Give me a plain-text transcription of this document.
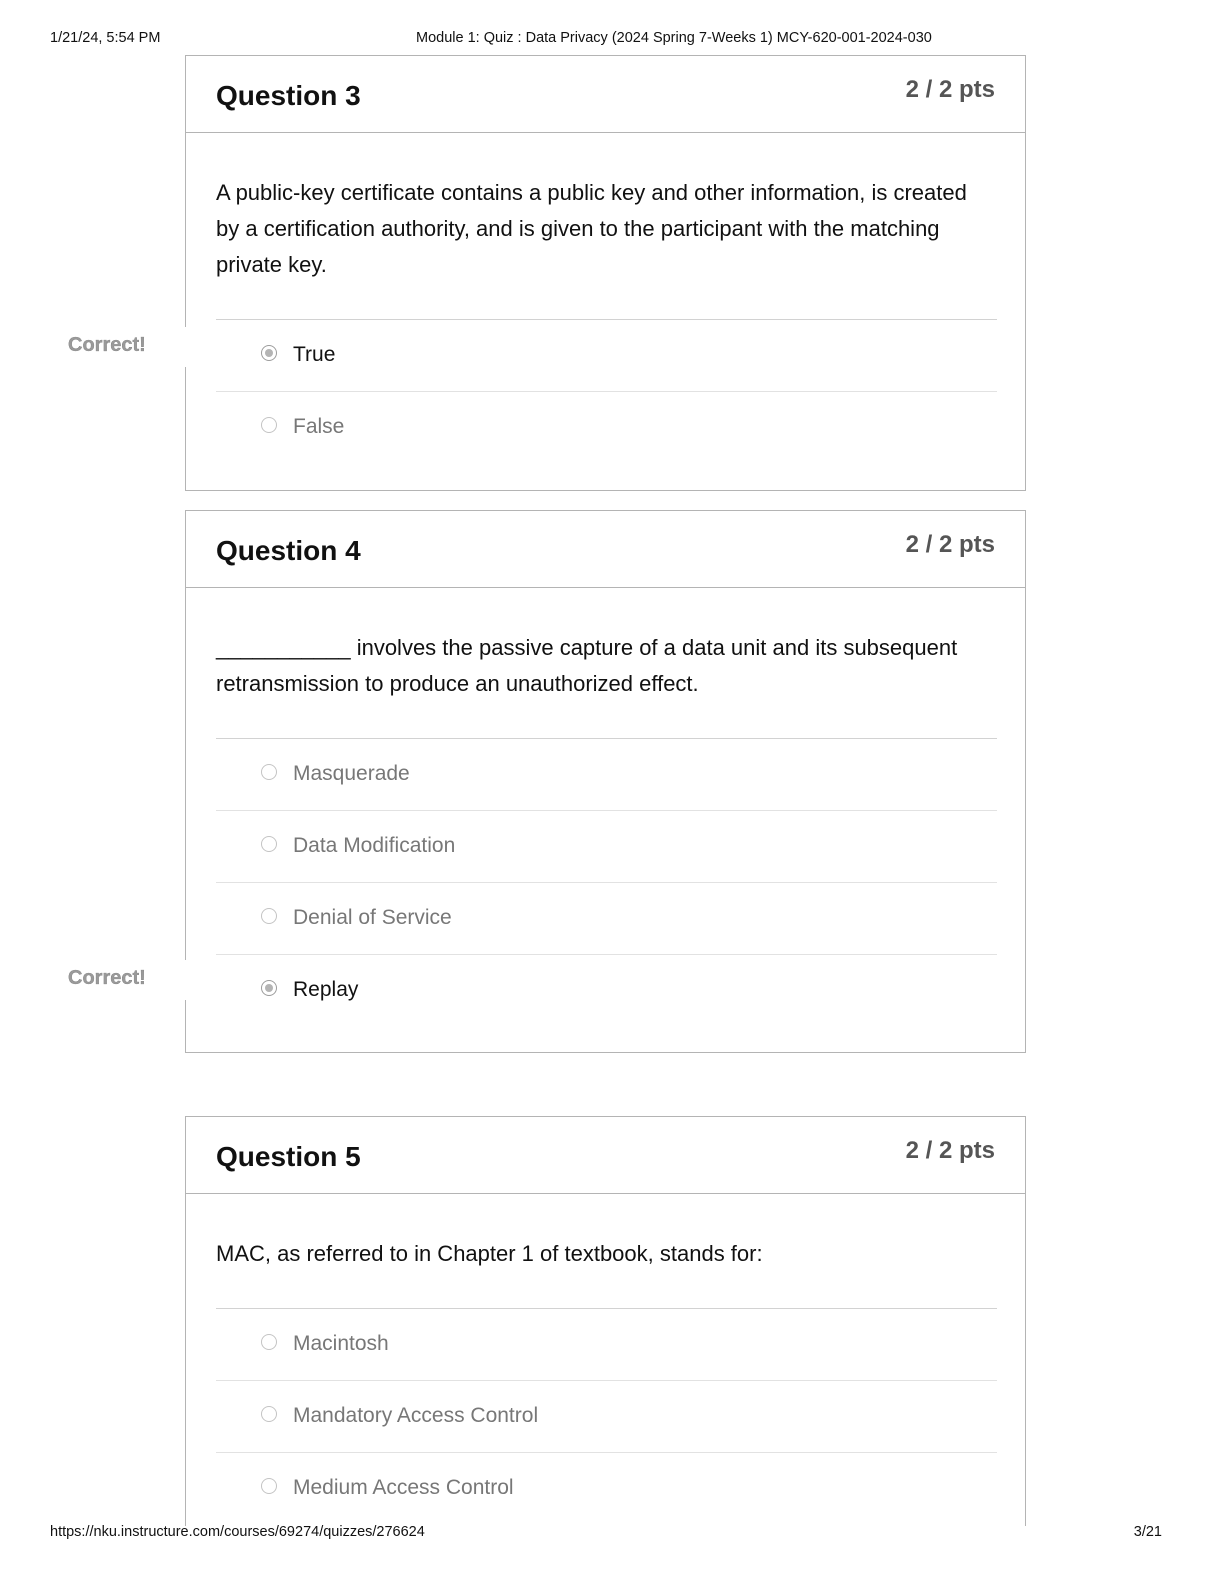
1/21/24, 5:54 PM	Module 1: Quiz : Data Privacy (2024 Spring 7-Weeks 1) MCY-620-001-2024-030
Question 3	2 / 2 pts
A public-key certificate contains a public key and other information, is created by a certification authority, and is given to the participant with the matching private key.
True
False
Correct!
Question 4	2 / 2 pts
___________ involves the passive capture of a data unit and its subsequent retransmission to produce an unauthorized effect.
Masquerade
Data Modification
Denial of Service
Replay
Correct!
Question 5	2 / 2 pts
MAC, as referred to in Chapter 1 of textbook, stands for:
Macintosh
Mandatory Access Control
Medium Access Control
https://nku.instructure.com/courses/69274/quizzes/276624	3/21
